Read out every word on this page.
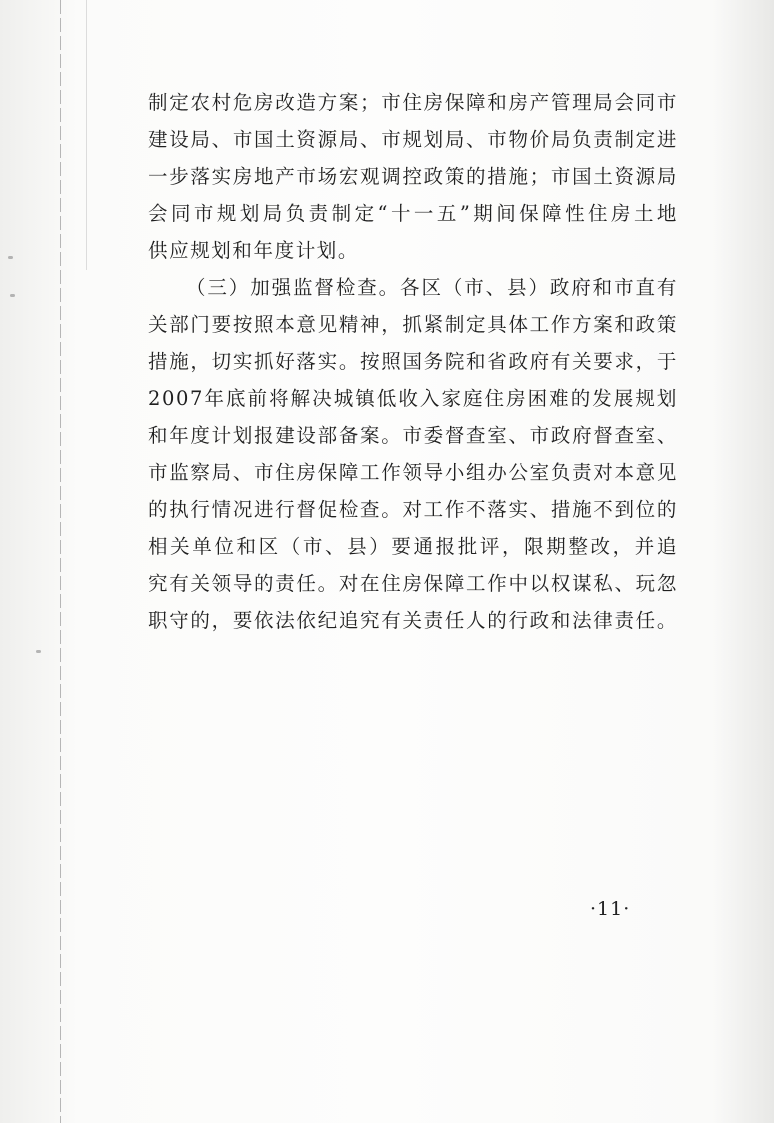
制定农村危房改造方案；市住房保障和房产管理局会同市
建设局、市国土资源局、市规划局、市物价局负责制定进
一步落实房地产市场宏观调控政策的措施；市国土资源局
会同市规划局负责制定“十一五”期间保障性住房土地
供应规划和年度计划。
（三）加强监督检查。各区（市、县）政府和市直有
关部门要按照本意见精神，抓紧制定具体工作方案和政策
措施，切实抓好落实。按照国务院和省政府有关要求，于
2007年底前将解决城镇低收入家庭住房困难的发展规划
和年度计划报建设部备案。市委督查室、市政府督查室、
市监察局、市住房保障工作领导小组办公室负责对本意见
的执行情况进行督促检查。对工作不落实、措施不到位的
相关单位和区（市、县）要通报批评，限期整改，并追
究有关领导的责任。对在住房保障工作中以权谋私、玩忽
职守的，要依法依纪追究有关责任人的行政和法律责任。
·11·
